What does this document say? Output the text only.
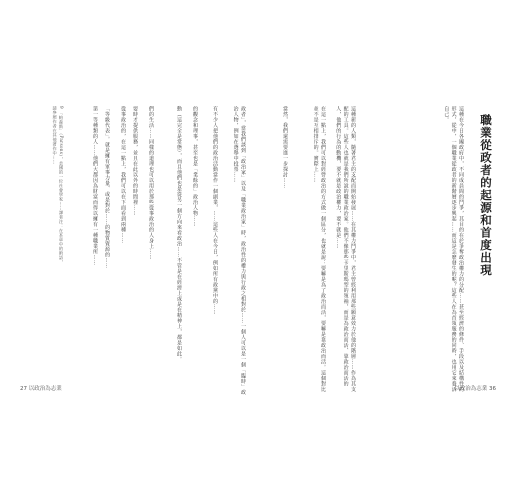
職業從政者的起源和首度出現
這種在今日各國政府中，不同成員間的鬥爭，其目的在於爭奪政治權力的分配……甚至經濟的條件、手段以及結構性的形式，從中，一個職業從政者的新階層逐步興起……而這是怎麼發生的呢？這些人在為首領服務的同時，也用它來養活自己。
這種新的人類，隨著君主的支配而開始發展……在其權力鬥爭中，君主曾經利用那些願意效力於他的階層……作為其支配的工具。這些人也就是我們所說的職業政治家。他們不像那些卡里斯瑪型的領袖，而是為政治而活、靠政治而活的人，他們的行為的動機，要不就是政治權力，要不就是……
在這一點上，我們可以對經營政治的方式做一個區分，也就是說：要嘛是為了政治而活，要嘛是靠政治而活。這個對比並不是互相排斥的。實際上……
當然，我們還需要進一步探討……
以政治為志業 36
政者」，當我們談到「政治家」以及「職業政治家」時，政治性的權力與行政之相對於……一個人可以是一個「臨時」政治人物，例如在選舉中投票……
有不少人把他們的政治活動當作一個副業，……這些人在今日，例如所有政黨中的……
的觀念和理事，甚至也是「業餘的」政治人物……
動（這完全是常態），而且他們也是從另一個方向來看政治……不管是在經濟上或是在精神上，都是如此。
們的生活……同樣的道理也可以用於那些從事政治的人身上……
要時才提供服務，並且在此以外的時間裡……
從事政治的，在這一點上，我們可以在下面看到兩種……
「等級代表」。就是擁有軍事力量、或是對於……的物質資源的……
第一等種類的人……他們大都因為財富而得以擁有一種職業所……
9 「帕森斯」（Parsons），美國的一位社會學家……譯者注：在本章中的術語，請參照作者在其他著作中……
27 以政治為志業
